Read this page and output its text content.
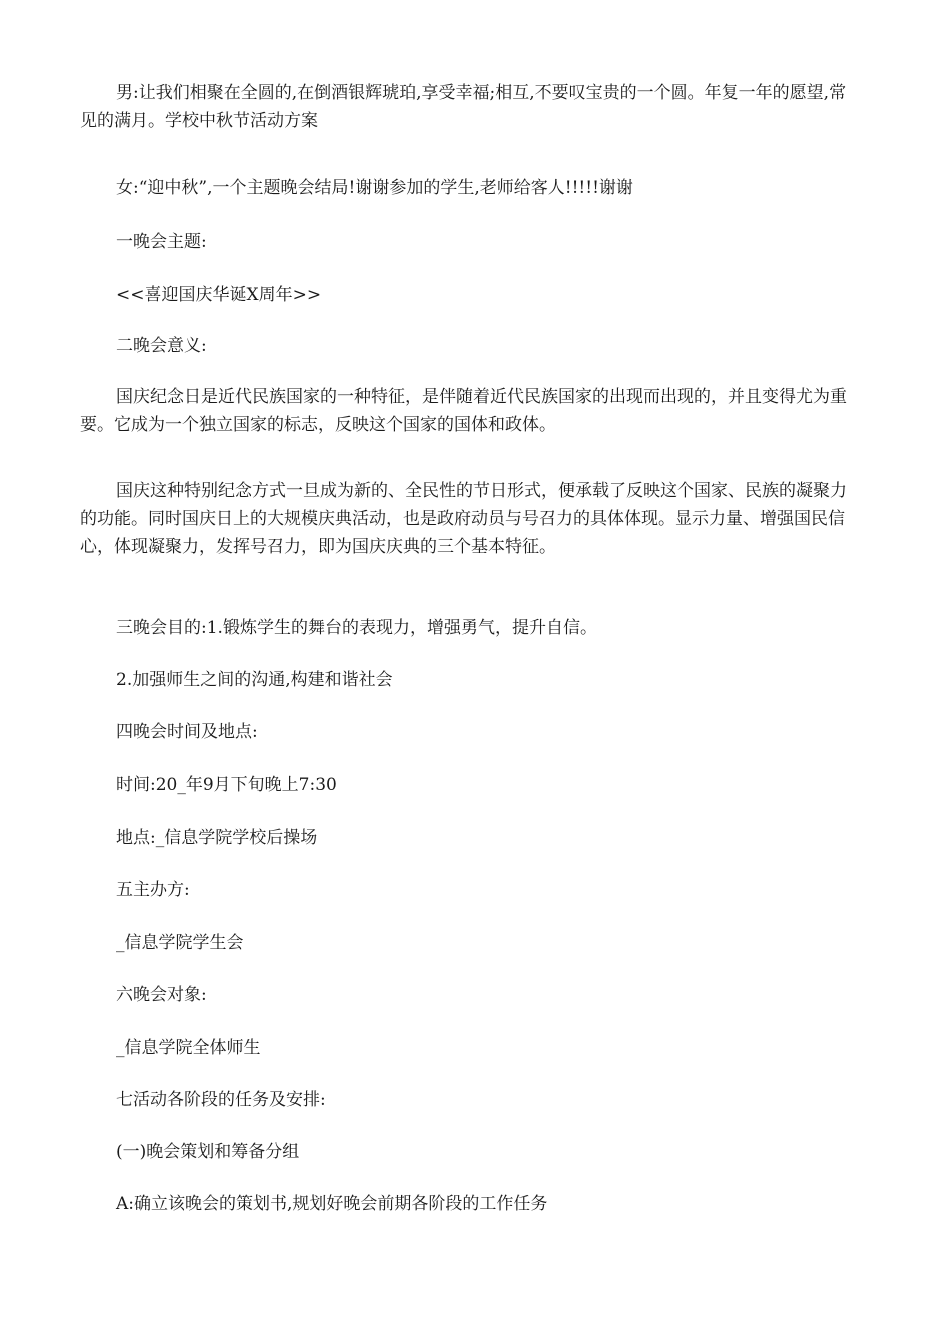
男:让我们相聚在全圆的,在倒酒银辉琥珀,享受幸福;相互,不要叹宝贵的一个圆。年复一年的愿望,常见的满月。学校中秋节活动方案

女:“迎中秋”,一个主题晚会结局!谢谢参加的学生,老师给客人!!!!!谢谢

一晚会主题:

<<喜迎国庆华诞X周年>>

二晚会意义:

国庆纪念日是近代民族国家的一种特征，是伴随着近代民族国家的出现而出现的，并且变得尤为重要。它成为一个独立国家的标志，反映这个国家的国体和政体。

国庆这种特别纪念方式一旦成为新的、全民性的节日形式，便承载了反映这个国家、民族的凝聚力的功能。同时国庆日上的大规模庆典活动，也是政府动员与号召力的具体体现。显示力量、增强国民信心，体现凝聚力，发挥号召力，即为国庆庆典的三个基本特征。

三晚会目的:1.锻炼学生的舞台的表现力，增强勇气，提升自信。

2.加强师生之间的沟通,构建和谐社会

四晚会时间及地点:

时间:20_年9月下旬晚上7:30

地点:_信息学院学校后操场

五主办方:

_信息学院学生会

六晚会对象:

_信息学院全体师生

七活动各阶段的任务及安排:

(一)晚会策划和筹备分组

A:确立该晚会的策划书,规划好晚会前期各阶段的工作任务
